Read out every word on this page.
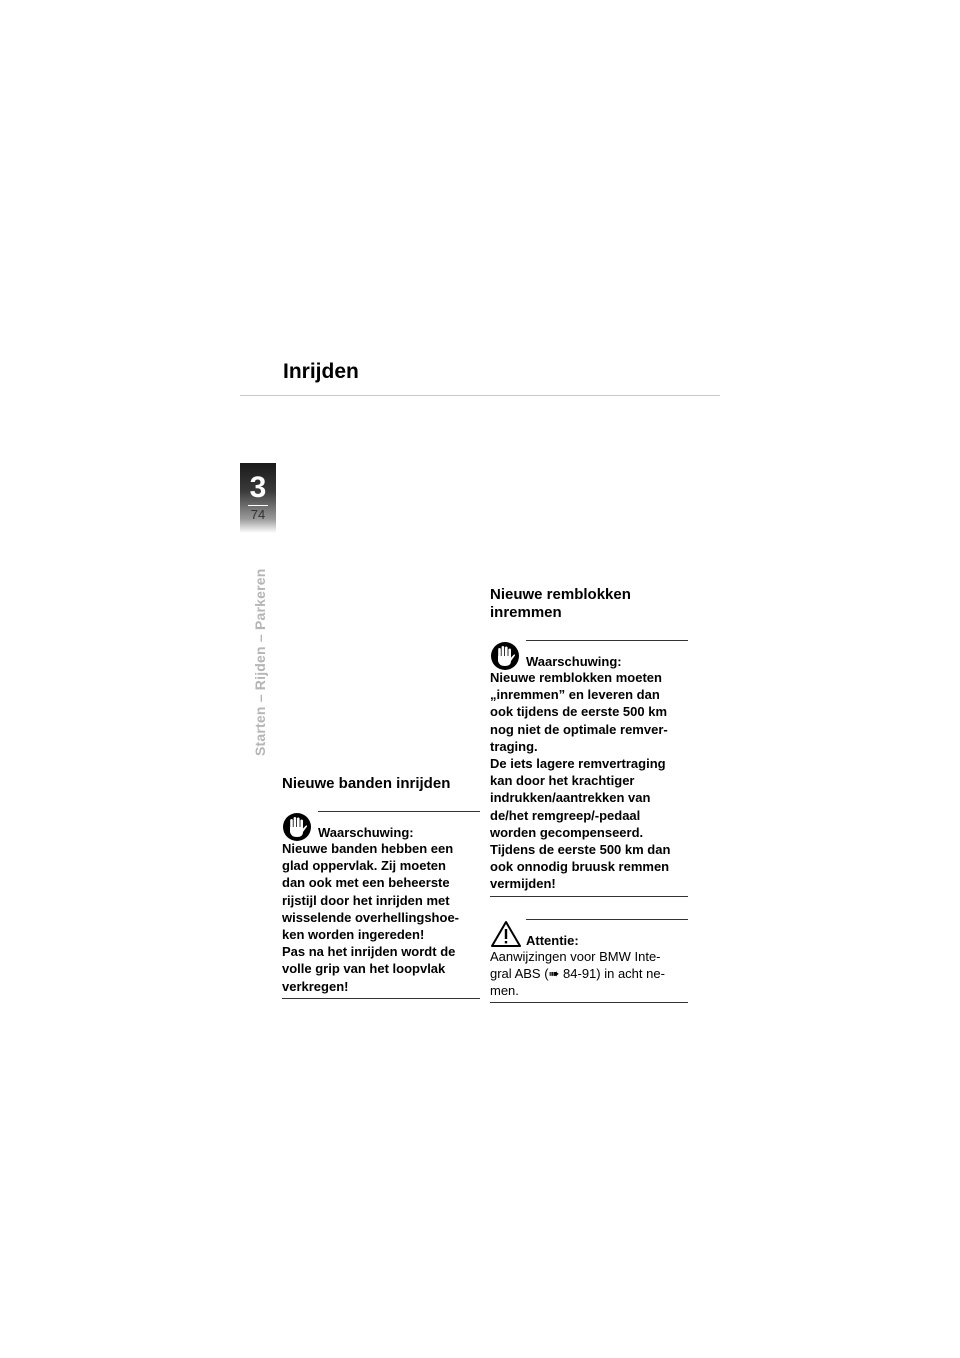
Inrijden
3
74
Starten – Rijden – Parkeren
Nieuwe banden inrijden
Waarschuwing:
Nieuwe banden hebben een
glad oppervlak. Zij moeten
dan ook met een beheerste
rijstijl door het inrijden met
wisselende overhellingshoe-
ken worden ingereden!
Pas na het inrijden wordt de
volle grip van het loopvlak
verkregen!
Nieuwe remblokken
inremmen
Waarschuwing:
Nieuwe remblokken moeten
„inremmen” en leveren dan
ook tijdens de eerste 500 km
nog niet de optimale remver-
traging.
De iets lagere remvertraging
kan door het krachtiger
indrukken/aantrekken van
de/het remgreep/-pedaal
worden gecompenseerd.
Tijdens de eerste 500 km dan
ook onnodig bruusk remmen
vermijden!
Attentie:
Aanwijzingen voor BMW Inte-
gral ABS (➠ 84-91) in acht ne-
men.
